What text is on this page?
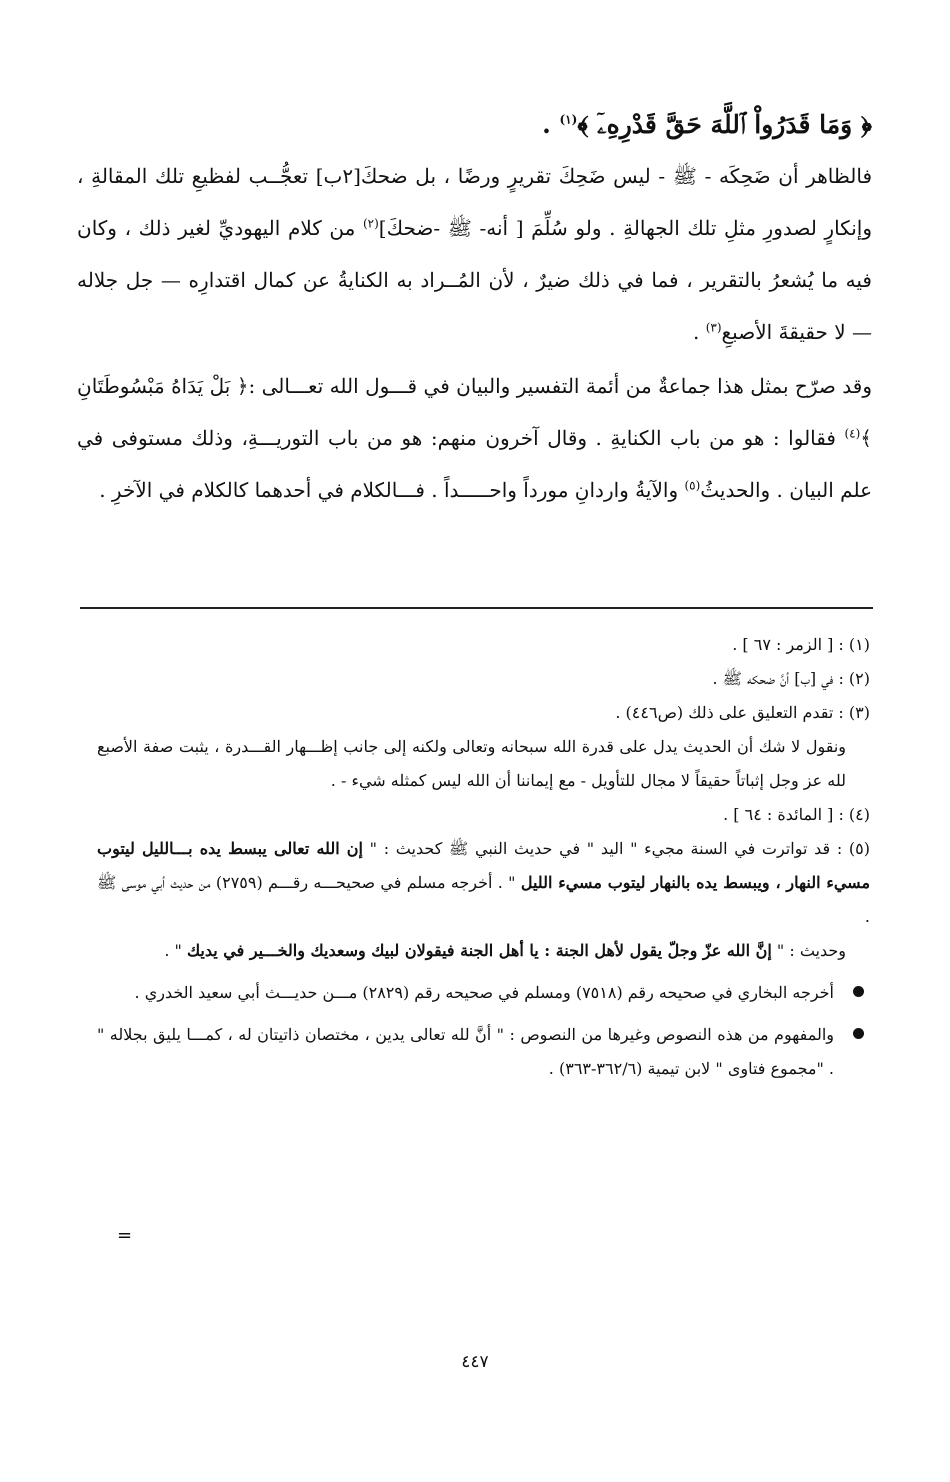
﴿ وَمَا قَدَرُواْ ٱللَّهَ حَقَّ قَدْرِهِۦٓ ﴾$^{(١)}$ .
فالظاهر أن ضَحِكَه - ﷺ - ليس ضَحِكَ تقريرٍ ورضًا ، بل ضحكَ[٢ب] تعجُّــب لفظيعِ تلك المقالةِ ، وإنكارٍ لصدورِ مثلِ تلك الجهالةِ . ولو سُلِّمَ [ أنه- ﷺ -ضحكَ]$^{(٢)}$ من كلام اليهوديِّ لغير ذلك ، وكان فيه ما يُشعرُ بالتقرير ، فما في ذلك ضيرٌ ، لأن المُــراد به الكنايةُ عن كمال اقتدارِه — جل جلاله — لا حقيقةَ الأصبعِ$^{(٣)}$ .
وقد صرّح بمثل هذا جماعةٌ من أئمة التفسير والبيان في قـــول الله تعـــالى :﴿ بَلْ يَدَاهُ مَبْسُوطَتَانِ ﴾$^{(٤)}$ فقالوا : هو من باب الكنايةِ . وقال آخرون منهم: هو من باب التوريـــةِ، وذلك مستوفى في علم البيان . والحديثُ$^{(٥)}$ والآيةُ واردانِ مورداً واحـــــداً . فـــالكلام في أحدهما كالكلام في الآخرِ .

(١) : [ الزمر : ٦٧ ] .

(٢) : في [ب] أنَّ ضحكه ﷺ .

(٣) : تقدم التعليق على ذلك (ص٤٤٦) .

ونقول لا شك أن الحديث يدل على قدرة الله سبحانه وتعالى ولكنه إلى جانب إظـــهار القـــدرة ، يثبت صفة الأصبع لله عز وجل إثباتاً حقيقاً لا مجال للتأويل - مع إيماننا أن الله ليس كمثله شيء - .

(٤) : [ المائدة : ٦٤ ] .

(٥) : قد تواترت في السنة مجيء " اليد " في حديث النبي ﷺ كحديث : " إن الله تعالى يبسط يده بـــالليل ليتوب مسيء النهار ، ويبسط يده بالنهار ليتوب مسيء الليل " . أخرجه مسلم في صحيحـــه رقـــم (٢٧٥٩) من حديث أبي موسى ﷺ .

وحديث : " إنَّ الله عزّ وجلّ يقول لأهل الجنة : يا أهل الجنة فيقولان لبيك وسعديك والخـــير في يديك " .

أخرجه البخاري في صحيحه رقم (٧٥١٨) ومسلم في صحيحه رقم (٢٨٢٩) مـــن حديـــث أبي سعيد الخدري .

والمفهوم من هذه النصوص وغيرها من النصوص : " أنَّ لله تعالى يدين ، مختصان ذاتيتان له ، كمـــا يليق بجلاله " . "مجموع فتاوى " لابن تيمية (٣٦٢/٦-٣٦٣) .

=
٤٤٧
